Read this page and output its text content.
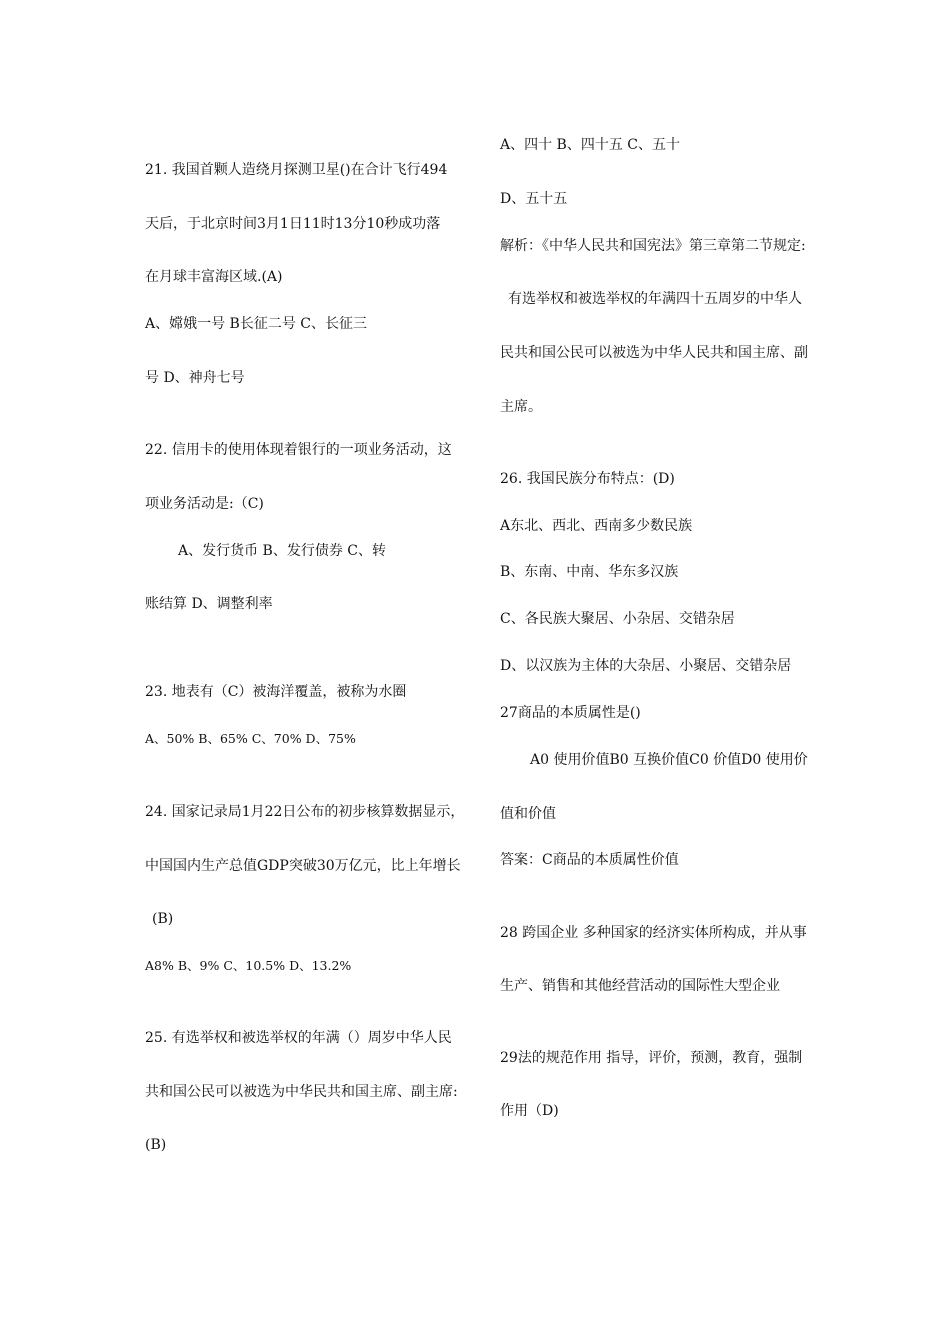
21. 我国首颗人造绕月探测卫星()在合计飞行494
天后，于北京时间3月1日11时13分10秒成功落
在月球丰富海区域.(A)
A、嫦娥一号 B长征二号 C、长征三
号 D、神舟七号
22. 信用卡的使用体现着银行的一项业务活动，这
项业务活动是:（C)
A、发行货币 B、发行债券 C、转
账结算 D、调整利率
23. 地表有（C）被海洋覆盖，被称为水圈
A、50% B、65% C、70% D、75%
24. 国家记录局1月22日公布的初步核算数据显示，
中国国内生产总值GDP突破30万亿元，比上年增长
(B)
A8% B、9% C、10.5% D、13.2%
25. 有选举权和被选举权的年满（）周岁中华人民
共和国公民可以被选为中华民共和国主席、副主席:
(B)
A、四十 B、四十五 C、五十
D、五十五
解析：《中华人民共和国宪法》第三章第二节规定:
有选举权和被选举权的年满四十五周岁的中华人
民共和国公民可以被选为中华人民共和国主席、副
主席。
26. 我国民族分布特点：(D)
A东北、西北、西南多少数民族
B、东南、中南、华东多汉族
C、各民族大聚居、小杂居、交错杂居
D、以汉族为主体的大杂居、小聚居、交错杂居
27商品的本质属性是()
A0 使用价值B0 互换价值C0 价值D0 使用价
值和价值
答案：C商品的本质属性价值
28 跨国企业 多种国家的经济实体所构成，并从事
生产、销售和其他经营活动的国际性大型企业
29法的规范作用 指导，评价，预测，教育，强制
作用（D)
